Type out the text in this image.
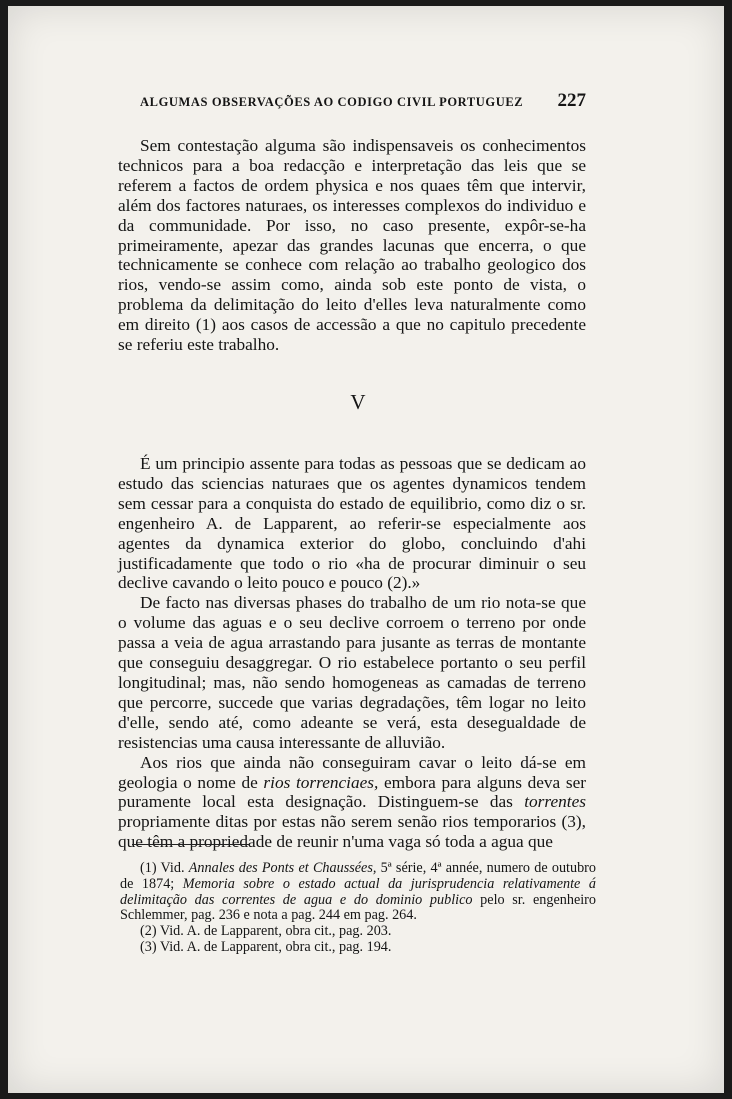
ALGUMAS OBSERVAÇÕES AO CODIGO CIVIL PORTUGUEZ 227

Sem contestação alguma são indispensaveis os conhecimentos technicos para a boa redacção e interpretação das leis que se referem a factos de ordem physica e nos quaes têm que intervir, além dos factores naturaes, os interesses complexos do individuo e da communidade. Por isso, no caso presente, expôr-se-ha primeiramente, apezar das grandes lacunas que encerra, o que technicamente se conhece com relação ao trabalho geologico dos rios, vendo-se assim como, ainda sob este ponto de vista, o problema da delimitação do leito d'elles leva naturalmente como em direito (1) aos casos de accessão a que no capitulo precedente se referiu este trabalho.

V

É um principio assente para todas as pessoas que se dedicam ao estudo das sciencias naturaes que os agentes dynamicos tendem sem cessar para a conquista do estado de equilibrio, como diz o sr. engenheiro A. de Lapparent, ao referir-se especialmente aos agentes da dynamica exterior do globo, concluindo d'ahi justificadamente que todo o rio «ha de procurar diminuir o seu declive cavando o leito pouco e pouco (2).»

De facto nas diversas phases do trabalho de um rio nota-se que o volume das aguas e o seu declive corroem o terreno por onde passa a veia de agua arrastando para jusante as terras de montante que conseguiu desaggregar. O rio estabelece portanto o seu perfil longitudinal; mas, não sendo homogeneas as camadas de terreno que percorre, succede que varias degradações, têm logar no leito d'elle, sendo até, como adeante se verá, esta desegualdade de resistencias uma causa interessante de alluvião.

Aos rios que ainda não conseguiram cavar o leito dá-se em geologia o nome de rios torrenciaes, embora para alguns deva ser puramente local esta designação. Distinguem-se das torrentes propriamente ditas por estas não serem senão rios temporarios (3), que têm a propriedade de reunir n'uma vaga só toda a agua que

(1) Vid. Annales des Ponts et Chaussées, 5ª série, 4ª année, numero de outubro de 1874; Memoria sobre o estado actual da jurisprudencia relativamente á delimitação das correntes de agua e do dominio publico pelo sr. engenheiro Schlemmer, pag. 236 e nota a pag. 244 em pag. 264.

(2) Vid. A. de Lapparent, obra cit., pag. 203.

(3) Vid. A. de Lapparent, obra cit., pag. 194.
